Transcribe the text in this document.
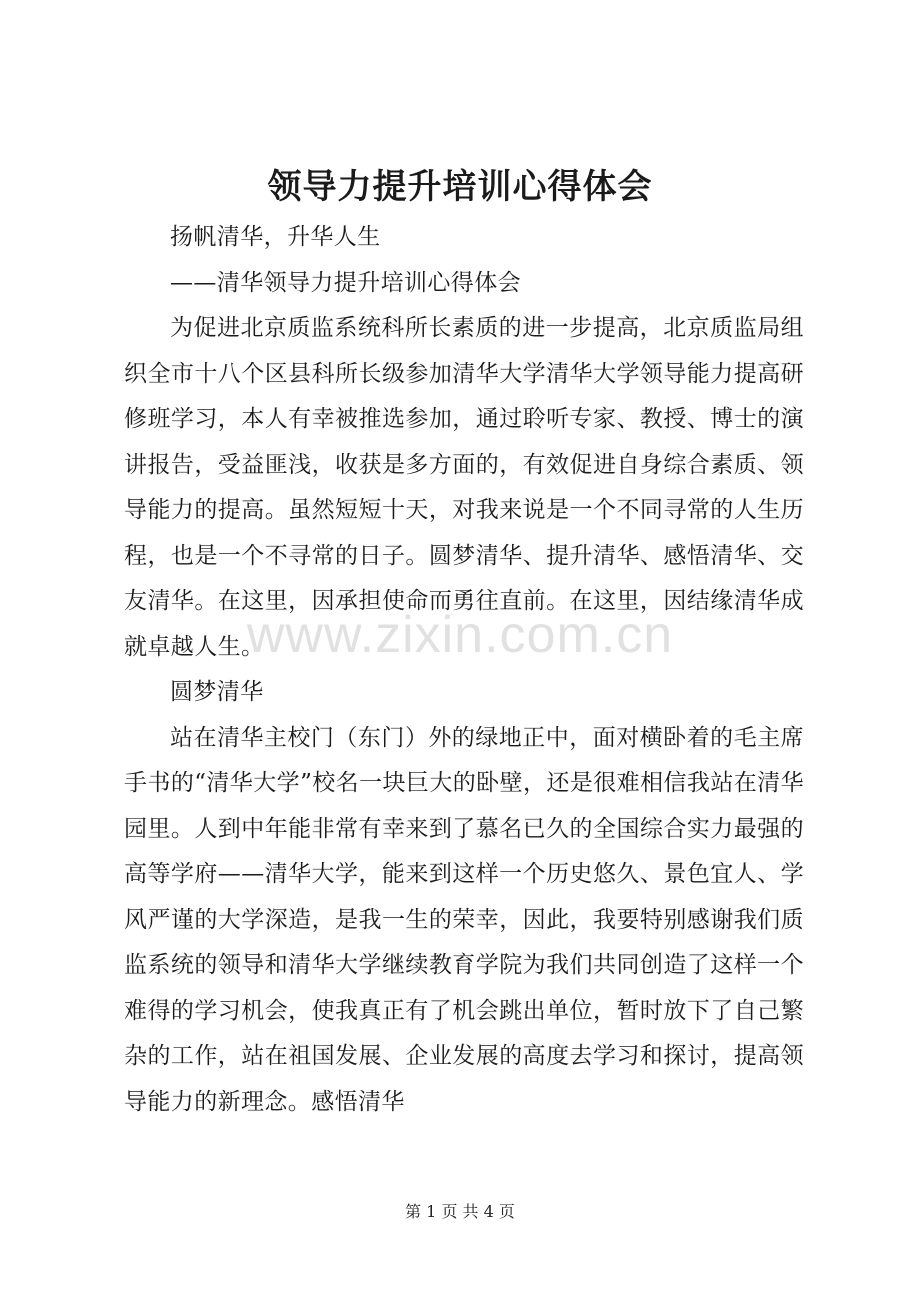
领导力提升培训心得体会

扬帆清华，升华人生

——清华领导力提升培训心得体会

为促进北京质监系统科所长素质的进一步提高，北京质监局组织全市十八个区县科所长级参加清华大学清华大学领导能力提高研修班学习，本人有幸被推选参加，通过聆听专家、教授、博士的演讲报告，受益匪浅，收获是多方面的，有效促进自身综合素质、领导能力的提高。虽然短短十天，对我来说是一个不同寻常的人生历程，也是一个不寻常的日子。圆梦清华、提升清华、感悟清华、交友清华。在这里，因承担使命而勇往直前。在这里，因结缘清华成就卓越人生。

圆梦清华

站在清华主校门（东门）外的绿地正中，面对横卧着的毛主席手书的“清华大学”校名一块巨大的卧壁，还是很难相信我站在清华园里。人到中年能非常有幸来到了慕名已久的全国综合实力最强的高等学府——清华大学，能来到这样一个历史悠久、景色宜人、学风严谨的大学深造，是我一生的荣幸，因此，我要特别感谢我们质监系统的领导和清华大学继续教育学院为我们共同创造了这样一个难得的学习机会，使我真正有了机会跳出单位，暂时放下了自己繁杂的工作，站在祖国发展、企业发展的高度去学习和探讨，提高领导能力的新理念。感悟清华

www.zixin.com.cn
第 1 页 共 4 页
